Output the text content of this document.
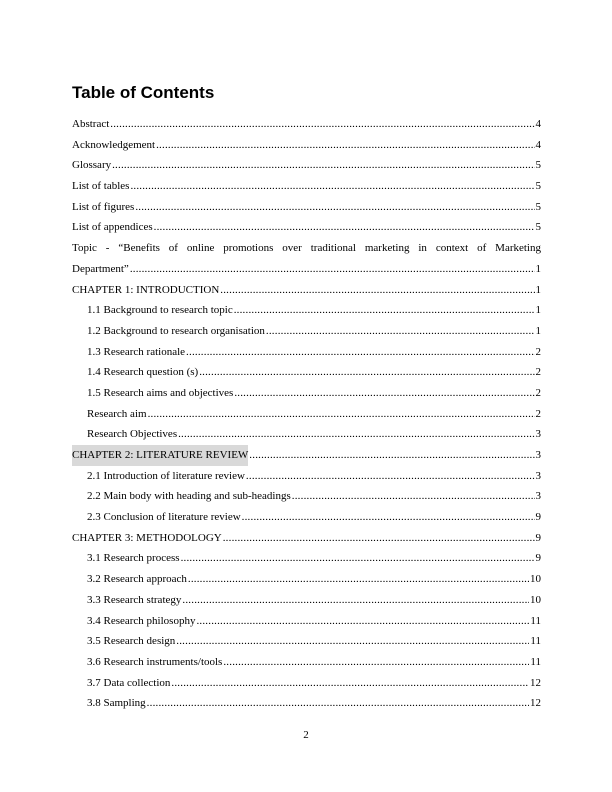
Table of Contents
Abstract .....	4
Acknowledgement .....	4
Glossary .....	5
List of tables .....	5
List of figures .....	5
List of appendices .....	5
Topic - “Benefits of online promotions over traditional marketing in context of Marketing
Department” .....	1
CHAPTER 1: INTRODUCTION .....	1
1.1 Background to research topic .....	1
1.2 Background to research organisation .....	1
1.3 Research rationale .....	2
1.4 Research question (s) .....	2
1.5 Research aims and objectives .....	2
Research aim .....	2
Research Objectives .....	3
CHAPTER 2: LITERATURE REVIEW .....	3
2.1 Introduction of literature review .....	3
2.2 Main body with heading and sub-headings .....	3
2.3 Conclusion of literature review .....	9
CHAPTER 3: METHODOLOGY .....	9
3.1 Research process .....	9
3.2 Research approach .....	10
3.3 Research strategy .....	10
3.4 Research philosophy .....	11
3.5 Research design .....	11
3.6 Research instruments/tools .....	11
3.7 Data collection .....	12
3.8 Sampling .....	12
2
